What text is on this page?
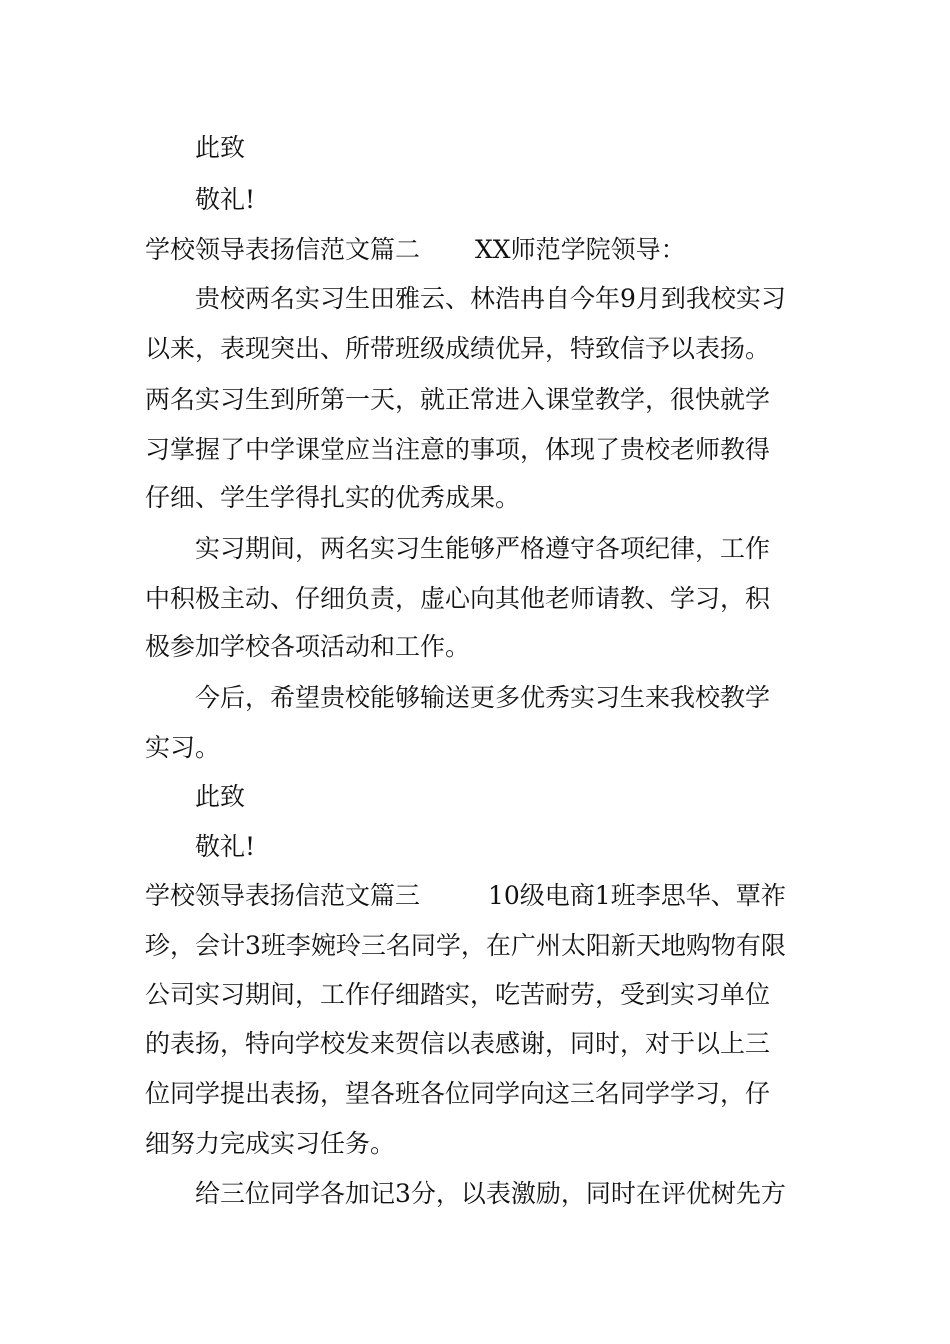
此致
敬礼!
学校领导表扬信范文篇二 XX师范学院领导：
贵校两名实习生田雅云、林浩冉自今年9月到我校实习
以来，表现突出、所带班级成绩优异，特致信予以表扬。
两名实习生到所第一天，就正常进入课堂教学，很快就学
习掌握了中学课堂应当注意的事项，体现了贵校老师教得
仔细、学生学得扎实的优秀成果。
实习期间，两名实习生能够严格遵守各项纪律，工作
中积极主动、仔细负责，虚心向其他老师请教、学习，积
极参加学校各项活动和工作。
今后，希望贵校能够输送更多优秀实习生来我校教学
实习。
此致
敬礼!
学校领导表扬信范文篇三	10级电商1班李思华、覃祚
珍，会计3班李婉玲三名同学，在广州太阳新天地购物有限
公司实习期间，工作仔细踏实，吃苦耐劳，受到实习单位
的表扬，特向学校发来贺信以表感谢，同时，对于以上三
位同学提出表扬，望各班各位同学向这三名同学学习，仔
细努力完成实习任务。
给三位同学各加记3分，以表激励，同时在评优树先方
